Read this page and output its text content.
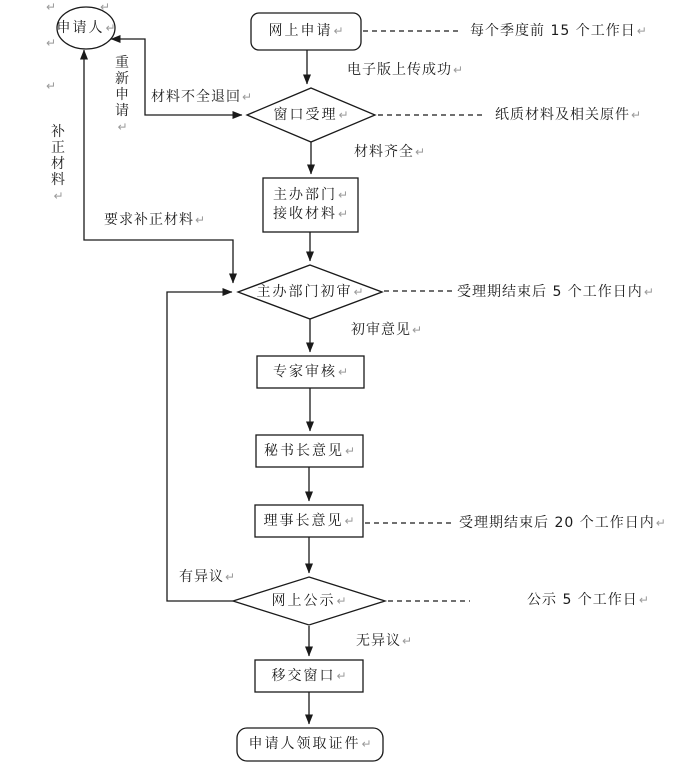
申请人 ↵	网上申请 ↵
窗口受理 ↵
主办部门↵
接收材料↵
主办部门初审 ↵
专家审核 ↵
秘书长意见 ↵
理事长意见 ↵
网上公示 ↵
移交窗口 ↵
申请人领取证件 ↵
电子版上传成功↵
材料齐全↵
初审意见↵
无异议↵
有异议↵
材料不全退回↵
要求补正材料↵
重新申请↵
补正材料↵
每个季度前 15 个工作日↵
纸质材料及相关原件↵
受理期结束后 5 个工作日内↵
受理期结束后 20 个工作日内↵
公示 5 个工作日↵
↵
↵
↵
↵
